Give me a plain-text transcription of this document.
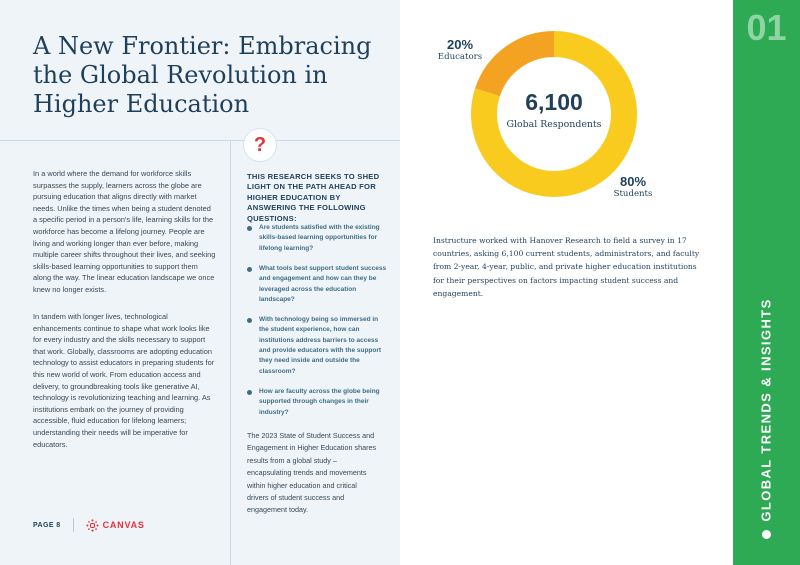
A New Frontier: Embracing the Global Revolution in Higher Education

In a world where the demand for workforce skills surpasses the supply, learners across the globe are pursuing education that aligns directly with market needs. Unlike the times when being a student denoted a specific period in a person's life, learning skills for the workforce has become a lifelong journey. People are living and working longer than ever before, making multiple career shifts throughout their lives, and seeking skills-based learning opportunities to support them along the way. The linear education landscape we once knew no longer exists.

In tandem with longer lives, technological enhancements continue to shape what work looks like for every industry and the skills necessary to support that work. Globally, classrooms are adopting education technology to assist educators in preparing students for this new world of work. From education access and delivery, to groundbreaking tools like generative AI, technology is revolutionizing teaching and learning. As institutions embark on the journey of providing accessible, fluid education for lifelong learners; understanding their needs will be imperative for educators.

?

THIS RESEARCH SEEKS TO SHED LIGHT ON THE PATH AHEAD FOR HIGHER EDUCATION BY ANSWERING THE FOLLOWING QUESTIONS:

Are students satisfied with the existing skills-based learning opportunities for lifelong learning?
What tools best support student success and engagement and how can they be leveraged across the education landscape?
With technology being so immersed in the student experience, how can institutions address barriers to access and provide educators with the support they need inside and outside the classroom?
How are faculty across the globe being supported through changes in their industry?

The 2023 State of Student Success and Engagement in Higher Education shares results from a global study – encapsulating trends and movements within higher education and critical drivers of student success and engagement today.

PAGE 8	CANVAS
20%
Educators
80%
Students
6,100
Global Respondents

Instructure worked with Hanover Research to field a survey in 17 countries, asking 6,100 current students, administrators, and faculty from 2-year, 4-year, public, and private higher education institutions for their perspectives on factors impacting student success and engagement.

01
GLOBAL TRENDS & INSIGHTS
